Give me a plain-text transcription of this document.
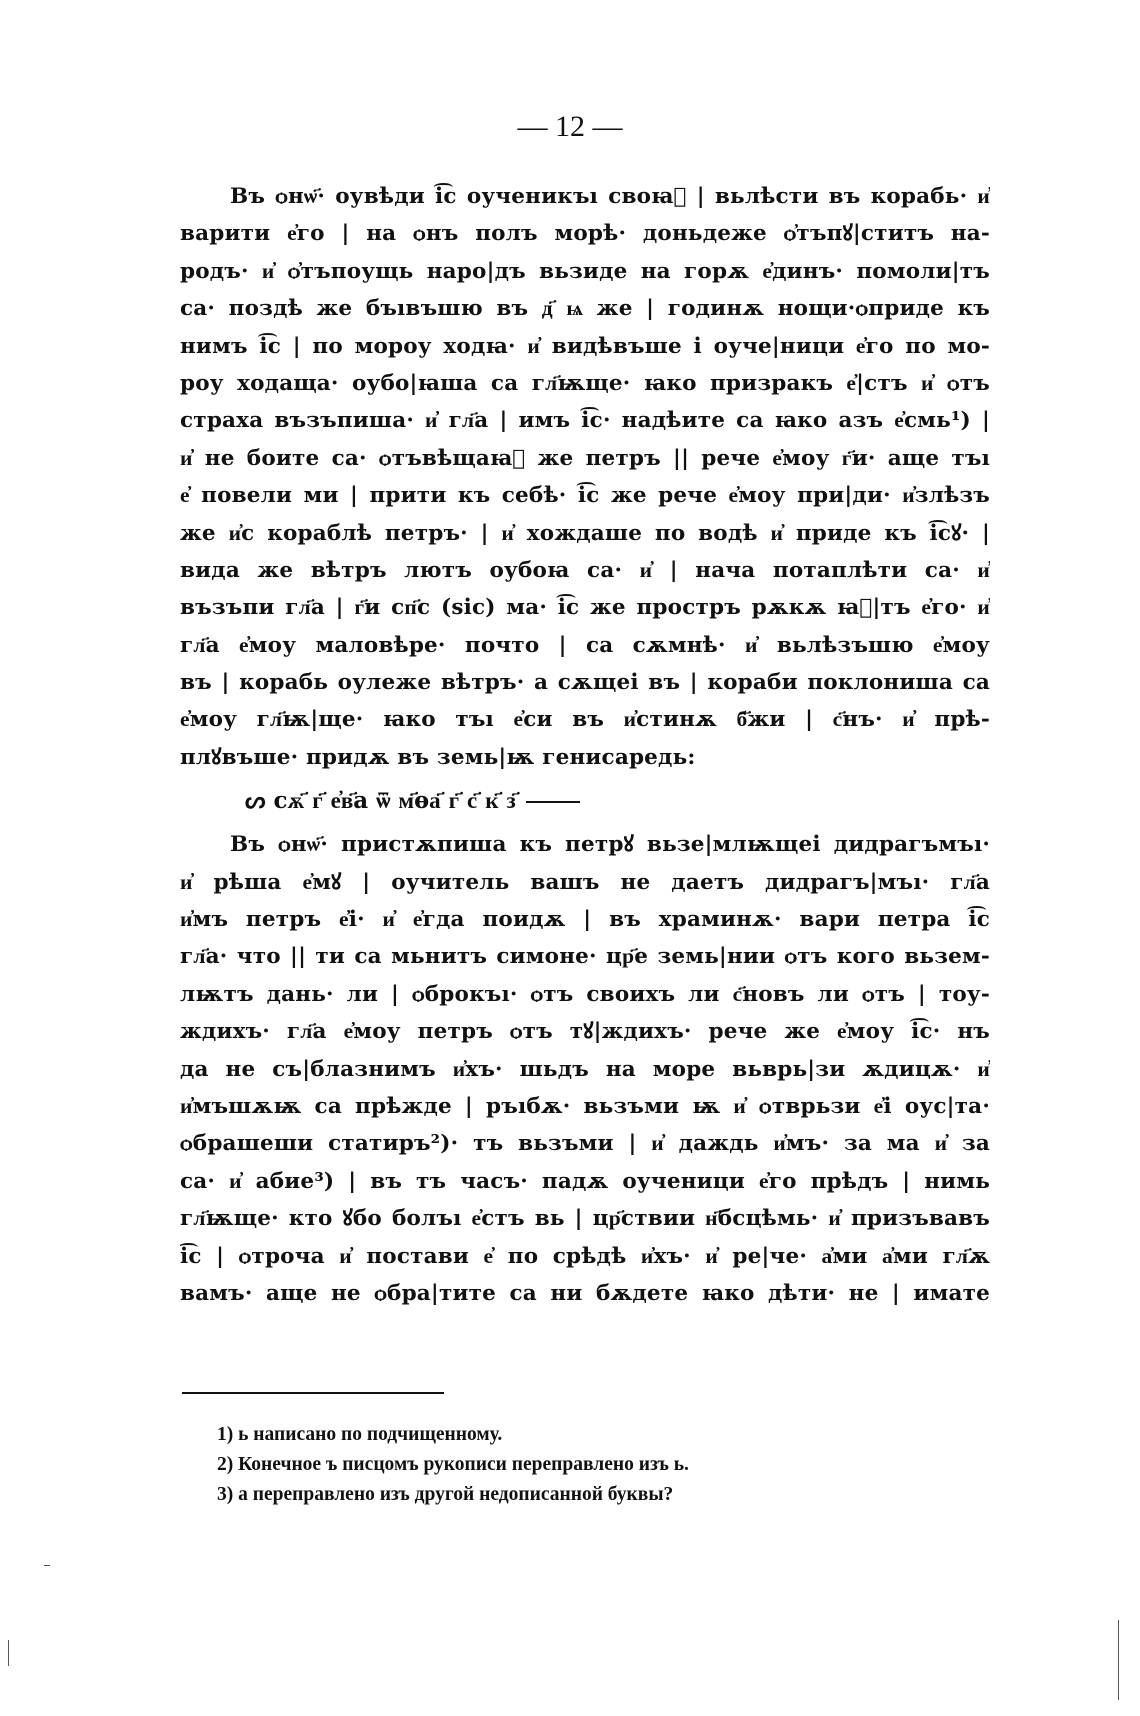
— 12 —
Въ ѻнѡ҃· оувѣди і͡с оученикъı своꙗ҆ | вьлѣсти въ корабь· и҆
варити е҆го | на ѻнъ полъ морѣ· доньдеже ѻ҆тъпꙋ|ститъ на-
родъ· и҆ ѻ҆тъпоущь наро|дъ вьзиде на горѫ е҆динъ· помоли|тъ
са· поздѣ же бъıвъшю въ д҃ ѩ же | годинѫ нощи·ѻприде къ
нимъ і͡с | по мороу ходꙗ· и҆ видѣвъше і оуче|ници е҆го по мо-
роу ходаща· оубо|ꙗша са гл҃ѭще· ꙗко призракъ е҆|стъ и҆ ѻтъ
страха възъпиша· и҆ гл҃а | имъ і͡с· надѣите са ꙗко азъ е҆смь¹) |
и҆ не боите са· ѻтъвѣщаꙗ҆ же петръ || рече е҆моу г҃и· аще тъı
е҆ повели ми | прити къ себѣ· і͡с же рече е҆моу при|ди· и҆злѣзъ
же и҆с кораблѣ петръ· | и҆ хождаше по водѣ и҆ приде къ і͡сꙋ· |
вида же вѣтръ лютъ оубоꙗ са· и҆ | нача потаплѣти са· и҆
възъпи гл҃а | г҃и сп҃с (sic) ма· і͡с же простръ рѫкѫ ꙗ҆|тъ е҆го· и҆
гл҃а е҆моу маловѣре· почто | са сѫмнѣ· и҆ вьлѣзъшю е҆моу
въ | корабь оулеже вѣтръ· а сѫщеі въ | кораби поклониша са
е҆моу гл҃ѭ|ще· ꙗко тъı е҆си въ и҆стинѫ б҃жи | с҃нъ· и҆ прѣ-
плꙋвъше· придѫ въ земь|ѭ генисаредь:
ᔕ сѫ҃ г҃ е҆в҃а ѿ м҃ѳа҃ г҃ с҃ к҃ з҃
Въ ѻнѡ҃· пристѫпиша къ петрꙋ вьзе|млѭщеі дидрагъмъı·
и҆ рѣша е҆мꙋ | оучитель вашъ не даетъ дидрагъ|мъı· гл҃а
и҆мъ петръ е҆і· и҆ е҆гда поидѫ | въ храминѫ· вари петра і͡с
гл҃а· что || ти са мьнитъ симоне· цр҃е земь|нии ѻтъ кого вьзем-
лѭтъ дань· ли | ѻброкъı· ѻтъ своихъ ли с҃новъ ли ѻтъ | тоу-
ждихъ· гл҃а е҆моу петръ ѻтъ тꙋ|ждихъ· рече же е҆моу і͡с· нъ
да не съ|блазнимъ и҆хъ· шьдъ на море вьврь|зи ѫдицѫ· и҆
и҆мъшѫѭ са прѣжде | ръıбѫ· вьзъми ѭ и҆ ѻтврьзи е҆і оус|та·
ѻбрашеши статиръ²)· тъ вьзъми | и҆ даждь и҆мъ· за ма и҆ за
са· и҆ абие³) | въ тъ часъ· падѫ оученици е҆го прѣдъ | нимь
гл҃ѭще· кто ꙋбо болъı е҆стъ вь | цр҃ствии н҃бсцѣмь· и҆ призъвавъ
і͡с | ѻтроча и҆ постави е҆ по срѣдѣ и҆хъ· и҆ ре|че· а҆ми а҆ми гл҃ѫ
вамъ· аще не ѻбра|тите са ни бѫдете ꙗко дѣти· не | имате
1) ь написано по подчищенному.
2) Конечное ъ писцомъ рукописи переправлено изъ ь.
3) а переправлено изъ другой недописанной буквы?
